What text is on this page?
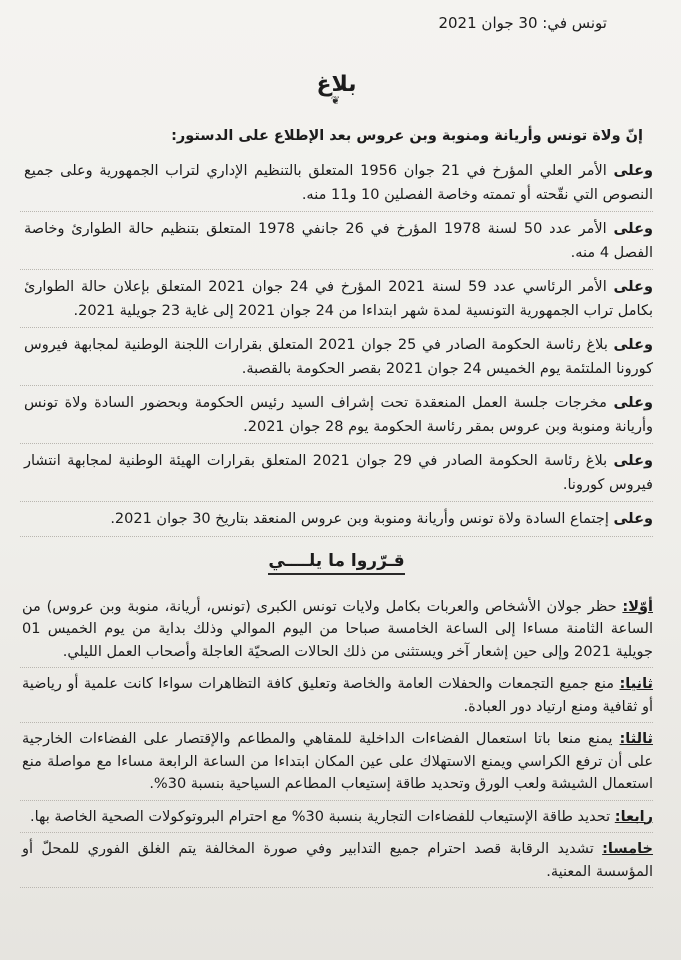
تونس في: 30 جوان 2021
بلاغ
❦

إنّ ولاة تونس وأريانة ومنوبة وبن عروس بعد الإطلاع على الدستور:

وعلى الأمر العلي المؤرخ في 21 جوان 1956 المتعلق بالتنظيم الإداري لتراب الجمهورية وعلى جميع النصوص التي نقّحته أو تممته وخاصة الفصلين 10 و11 منه.

وعلى الأمر عدد 50 لسنة 1978 المؤرخ في 26 جانفي 1978 المتعلق بتنظيم حالة الطوارئ وخاصة الفصل 4 منه.

وعلى الأمر الرئاسي عدد 59 لسنة 2021 المؤرخ في 24 جوان 2021 المتعلق بإعلان حالة الطوارئ بكامل تراب الجمهورية التونسية لمدة شهر ابتداءا من 24 جوان 2021 إلى غاية 23 جويلية 2021.

وعلى بلاغ رئاسة الحكومة الصادر في 25 جوان 2021 المتعلق بقرارات اللجنة الوطنية لمجابهة فيروس كورونا الملتئمة يوم الخميس 24 جوان 2021 بقصر الحكومة بالقصبة.

وعلى مخرجات جلسة العمل المنعقدة تحت إشراف السيد رئيس الحكومة وبحضور السادة ولاة تونس وأريانة ومنوبة وبن عروس بمقر رئاسة الحكومة يوم 28 جوان 2021.

وعلى بلاغ رئاسة الحكومة الصادر في 29 جوان 2021 المتعلق بقرارات الهيئة الوطنية لمجابهة انتشار فيروس كورونا.

وعلى إجتماع السادة ولاة تونس وأريانة ومنوبة وبن عروس المنعقد بتاريخ 30 جوان 2021.

قـرّروا ما يلــــي

أوّلا: حظر جولان الأشخاص والعربات بكامل ولايات تونس الكبرى (تونس، أريانة، منوبة وبن عروس) من الساعة الثامنة مساءا إلى الساعة الخامسة صباحا من اليوم الموالي وذلك بداية من يوم الخميس 01 جويلية 2021 وإلى حين إشعار آخر ويستثنى من ذلك الحالات الصحيّة العاجلة وأصحاب العمل الليلي.

ثانيا: منع جميع التجمعات والحفلات العامة والخاصة وتعليق كافة التظاهرات سواءا كانت علمية أو رياضية أو ثقافية ومنع ارتياد دور العبادة.

ثالثا: يمنع منعا باتا استعمال الفضاءات الداخلية للمقاهي والمطاعم والإقتصار على الفضاءات الخارجية على أن ترفع الكراسي ويمنع الاستهلاك على عين المكان ابتداءا من الساعة الرابعة مساءا مع مواصلة منع استعمال الشيشة ولعب الورق وتحديد طاقة إستيعاب المطاعم السياحية بنسبة 30%.

رابعا: تحديد طاقة الإستيعاب للفضاءات التجارية بنسبة 30% مع احترام البروتوكولات الصحية الخاصة بها.

خامسا: تشديد الرقابة قصد احترام جميع التدابير وفي صورة المخالفة يتم الغلق الفوري للمحلّ أو المؤسسة المعنية.
